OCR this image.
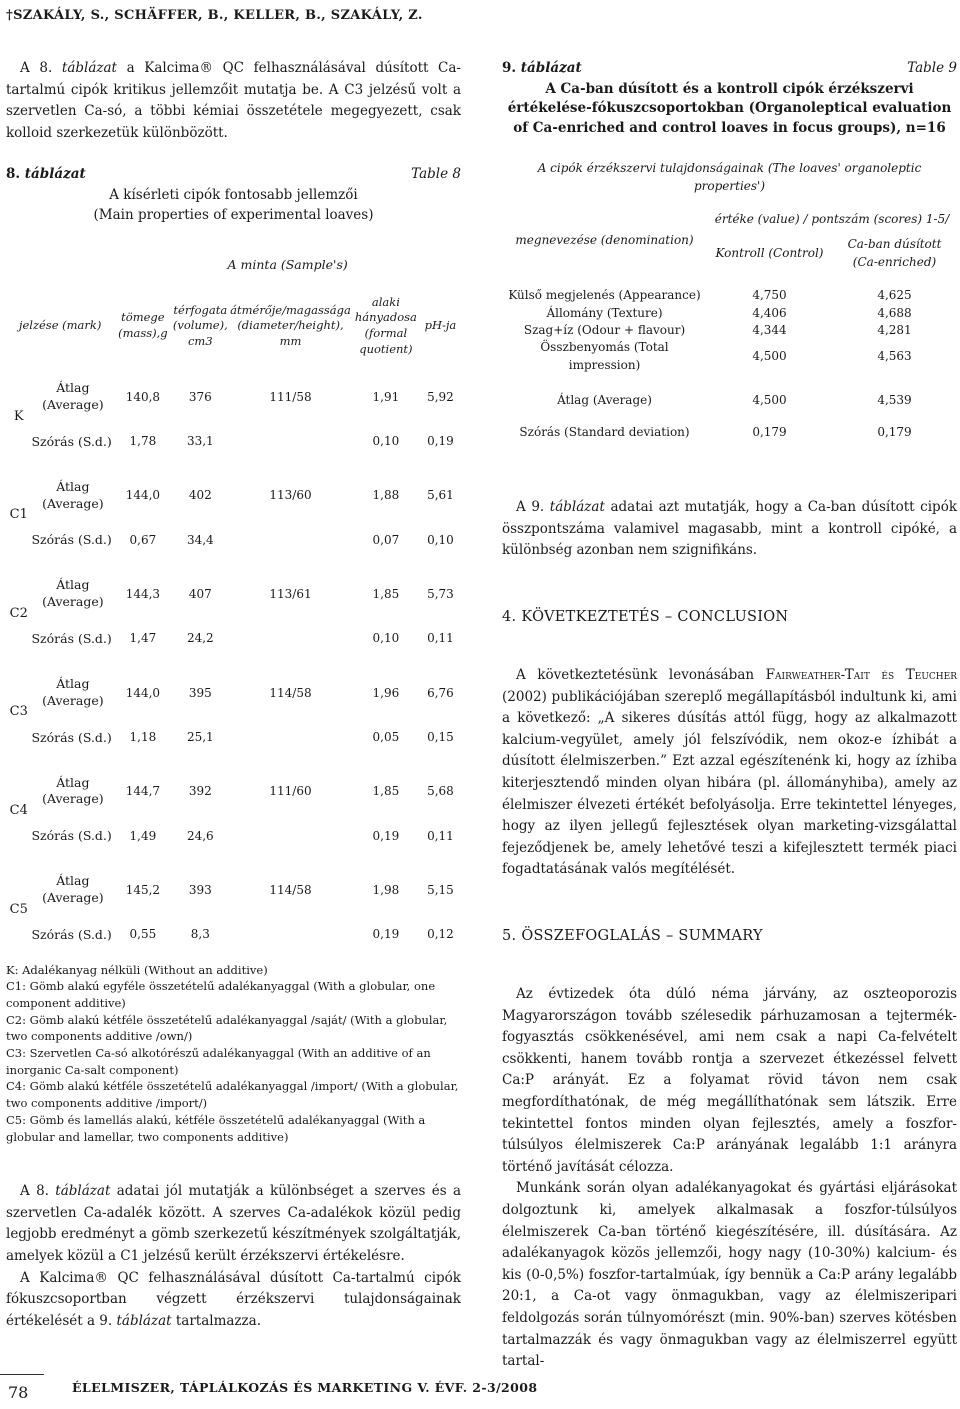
†SZAKÁLY, S., SCHÄFFER, B., KELLER, B., SZAKÁLY, Z.

A 8. táblázat a Kalcima® QC felhasználásával dúsított Ca-tartalmú cipók kritikus jellemzőit mutatja be. A C3 jelzésű volt a szervetlen Ca-só, a többi kémiai összetétele megegyezett, csak kolloid szerkezetük különbözött.

8. táblázat	Table 8
A kísérleti cipók fontosabb jellemzői
(Main properties of experimental loaves)
		A minta (Sample's)				
jelzése (mark)		tömege (mass),g	térfogata (volume), cm3	átmérője/magassága (diameter/height), mm	alaki hányadosa (formal quotient)	pH-ja

K	Átlag (Average)	140,8	376	111/58	1,91	5,92
	Szórás (S.d.)	1,78	33,1		0,10	0,19

C1	Átlag (Average)	144,0	402	113/60	1,88	5,61
	Szórás (S.d.)	0,67	34,4		0,07	0,10

C2	Átlag (Average)	144,3	407	113/61	1,85	5,73
	Szórás (S.d.)	1,47	24,2		0,10	0,11

C3	Átlag (Average)	144,0	395	114/58	1,96	6,76
	Szórás (S.d.)	1,18	25,1		0,05	0,15

C4	Átlag (Average)	144,7	392	111/60	1,85	5,68
	Szórás (S.d.)	1,49	24,6		0,19	0,11

C5	Átlag (Average)	145,2	393	114/58	1,98	5,15
	Szórás (S.d.)	0,55	8,3		0,19	0,12
K: Adalékanyag nélküli (Without an additive)
C1: Gömb alakú egyféle összetételű adalékanyaggal (With a globular, one component additive)
C2: Gömb alakú kétféle összetételű adalékanyaggal /saját/ (With a globular, two components additive /own/)
C3: Szervetlen Ca-só alkotórészű adalékanyaggal (With an additive of an inorganic Ca-salt component)
C4: Gömb alakú kétféle összetételű adalékanyaggal /import/ (With a globular, two components additive /import/)
C5: Gömb és lamellás alakú, kétféle összetételű adalékanyaggal (With a globular and lamellar, two components additive)

A 8. táblázat adatai jól mutatják a különbséget a szerves és a szervetlen Ca-adalék között. A szerves Ca-adalékok közül pedig legjobb eredményt a gömb szerkezetű készítmények szolgáltatják, amelyek közül a C1 jelzésű került érzékszervi értékelésre.

A Kalcima® QC felhasználásával dúsított Ca-tartalmú cipók fókuszcsoportban végzett érzékszervi tulajdonságainak értékelését a 9. táblázat tartalmazza.

9. táblázat	Table 9
A Ca-ban dúsított és a kontroll cipók érzékszervi értékelése-fókuszcsoportokban (Organoleptical evaluation of Ca-enriched and control loaves in focus groups), n=16
A cipók érzékszervi tulajdonságainak (The loaves' organoleptic properties')		
megnevezése (denomination)	értéke (value) / pontszám (scores) 1-5/	
	Kontroll (Control)	Ca-ban dúsított (Ca-enriched)

Külső megjelenés (Appearance)	4,750	4,625
Állomány (Texture)	4,406	4,688
Szag+íz (Odour + flavour)	4,344	4,281
Összbenyomás (Total impression)	4,500	4,563

Átlag (Average)	4,500	4,539

Szórás (Standard deviation)	0,179	0,179

A 9. táblázat adatai azt mutatják, hogy a Ca-ban dúsított cipók összpontszáma valamivel magasabb, mint a kontroll cipóké, a különbség azonban nem szignifikáns.

4. KÖVETKEZTETÉS – CONCLUSION

A következtetésünk levonásában Fairweather-Tait és Teucher (2002) publikációjában szereplő megállapításból indultunk ki, ami a következő: „A sikeres dúsítás attól függ, hogy az alkalmazott kalcium-vegyület, amely jól felszívódik, nem okoz-e ízhibát a dúsított élelmiszerben.” Ezt azzal egészítenénk ki, hogy az ízhiba kiterjesztendő minden olyan hibára (pl. állományhiba), amely az élelmiszer élvezeti értékét befolyásolja. Erre tekintettel lényeges, hogy az ilyen jellegű fejlesztések olyan marketing-vizsgálattal fejeződjenek be, amely lehetővé teszi a kifejlesztett termék piaci fogadtatásának valós megítélését.

5. ÖSSZEFOGLALÁS – SUMMARY

Az évtizedek óta dúló néma járvány, az oszteoporozis Magyarországon tovább szélesedik párhuzamosan a tejtermék-fogyasztás csökkenésével, ami nem csak a napi Ca-felvételt csökkenti, hanem tovább rontja a szervezet étkezéssel felvett Ca:P arányát. Ez a folyamat rövid távon nem csak megfordíthatónak, de még megállíthatónak sem látszik. Erre tekintettel fontos minden olyan fejlesztés, amely a foszfor-túlsúlyos élelmiszerek Ca:P arányának legalább 1:1 arányra történő javítását célozza.

Munkánk során olyan adalékanyagokat és gyártási eljárásokat dolgoztunk ki, amelyek alkalmasak a foszfor-túlsúlyos élelmiszerek Ca-ban történő kiegészítésére, ill. dúsítására. Az adalékanyagok közös jellemzői, hogy nagy (10-30%) kalcium- és kis (0-0,5%) foszfor-tartalmúak, így bennük a Ca:P arány legalább 20:1, a Ca-ot vagy önmagukban, vagy az élelmiszeripari feldolgozás során túlnyomórészt (min. 90%-ban) szerves kötésben tartalmazzák és vagy önmagukban vagy az élelmiszerrel együtt tartal-

78	ÉLELMISZER, TÁPLÁLKOZÁS ÉS MARKETING V. ÉVF. 2-3/2008
